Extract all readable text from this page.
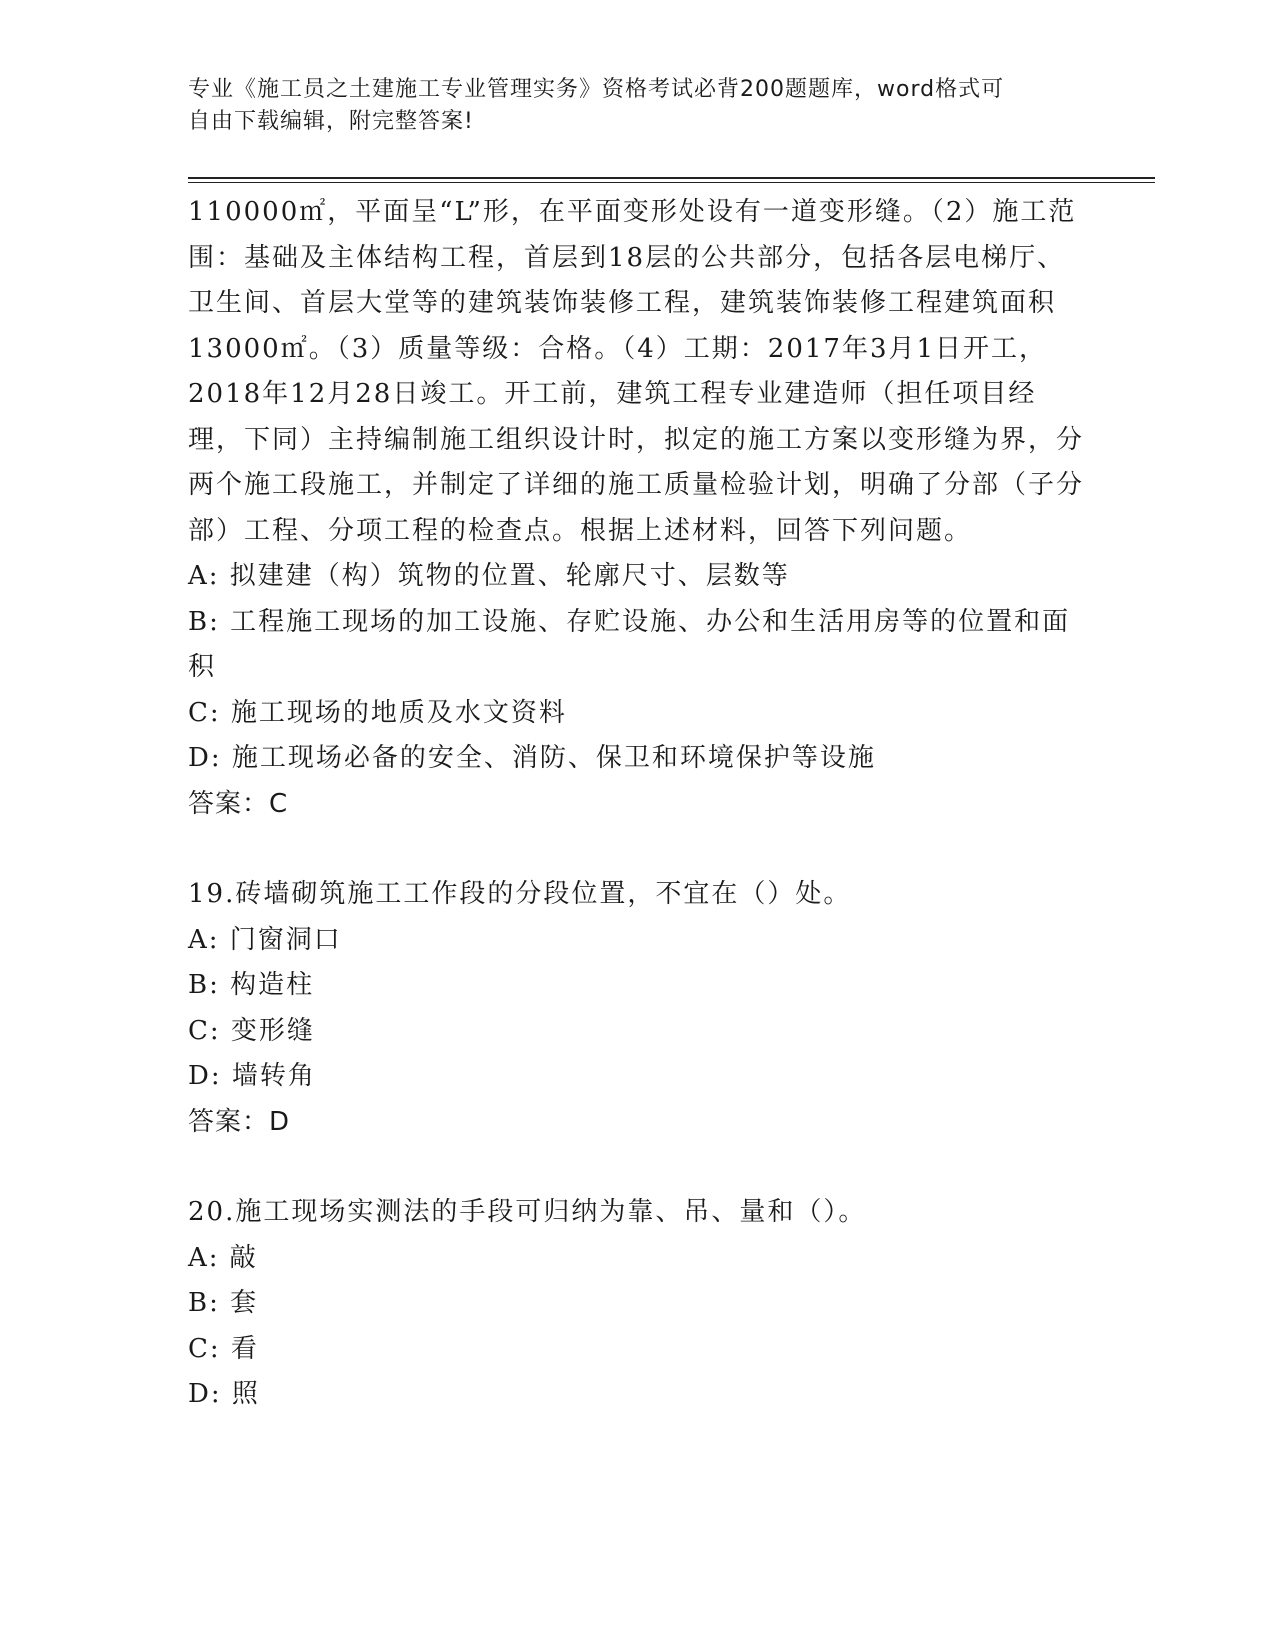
专业《施工员之土建施工专业管理实务》资格考试必背200题题库，word格式可
自由下载编辑，附完整答案!

110000㎡，平面呈“L”形，在平面变形处设有一道变形缝。（2）施工范围：基础及主体结构工程，首层到18层的公共部分，包括各层电梯厅、卫生间、首层大堂等的建筑装饰装修工程，建筑装饰装修工程建筑面积13000㎡。（3）质量等级：合格。（4）工期：2017年3月1日开工，2018年12月28日竣工。开工前，建筑工程专业建造师（担任项目经理，下同）主持编制施工组织设计时，拟定的施工方案以变形缝为界，分两个施工段施工，并制定了详细的施工质量检验计划，明确了分部（子分部）工程、分项工程的检查点。根据上述材料，回答下列问题。

A: 拟建建（构）筑物的位置、轮廓尺寸、层数等

B: 工程施工现场的加工设施、存贮设施、办公和生活用房等的位置和面积

C: 施工现场的地质及水文资料

D: 施工现场必备的安全、消防、保卫和环境保护等设施

答案：C

19.砖墙砌筑施工工作段的分段位置，不宜在（）处。

A: 门窗洞口

B: 构造柱

C: 变形缝

D: 墙转角

答案：D

20.施工现场实测法的手段可归纳为靠、吊、量和（）。

A: 敲

B: 套

C: 看

D: 照
